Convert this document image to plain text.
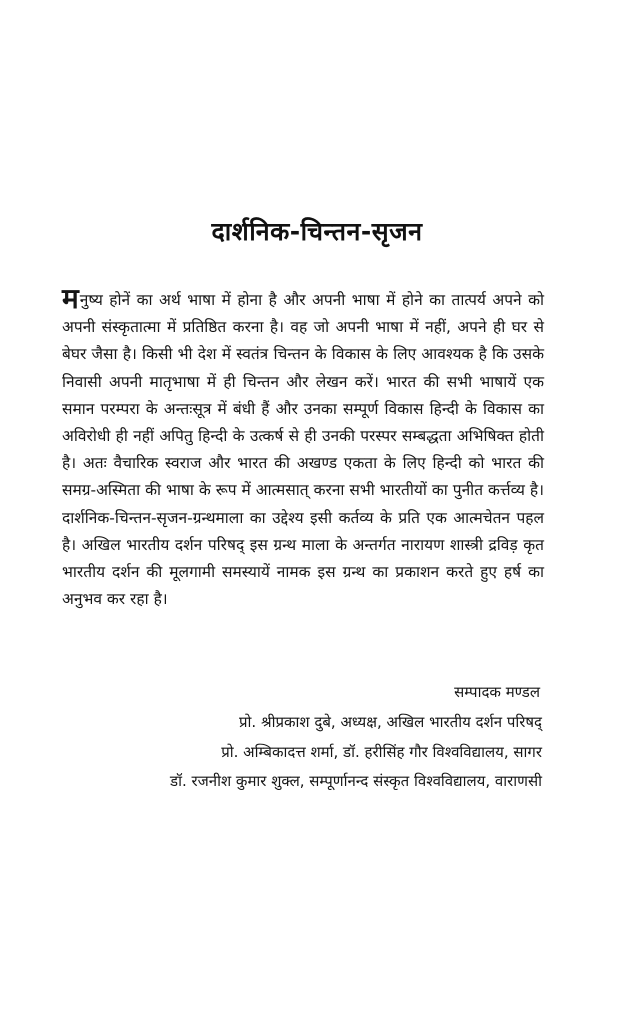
दार्शनिक-चिन्तन-सृजन

मनुष्य होनें का अर्थ भाषा में होना है और अपनी भाषा में होने का तात्पर्य अपने को अपनी संस्कृतात्मा में प्रतिष्ठित करना है। वह जो अपनी भाषा में नहीं, अपने ही घर से बेघर जैसा है। किसी भी देश में स्वतंत्र चिन्तन के विकास के लिए आवश्यक है कि उसके निवासी अपनी मातृभाषा में ही चिन्तन और लेखन करें। भारत की सभी भाषायें एक समान परम्परा के अन्तःसूत्र में बंधी हैं और उनका सम्पूर्ण विकास हिन्दी के विकास का अविरोधी ही नहीं अपितु हिन्दी के उत्कर्ष से ही उनकी परस्पर सम्बद्धता अभिषिक्त होती है। अतः वैचारिक स्वराज और भारत की अखण्ड एकता के लिए हिन्दी को भारत की समग्र-अस्मिता की भाषा के रूप में आत्मसात् करना सभी भारतीयों का पुनीत कर्त्तव्य है। दार्शनिक-चिन्तन-सृजन-ग्रन्थमाला का उद्देश्य इसी कर्तव्य के प्रति एक आत्मचेतन पहल है। अखिल भारतीय दर्शन परिषद् इस ग्रन्थ माला के अन्तर्गत नारायण शास्त्री द्रविड़ कृत भारतीय दर्शन की मूलगामी समस्यायें नामक इस ग्रन्थ का प्रकाशन करते हुए हर्ष का अनुभव कर रहा है।

सम्पादक मण्डल

प्रो. श्रीप्रकाश दुबे, अध्यक्ष, अखिल भारतीय दर्शन परिषद्

प्रो. अम्बिकादत्त शर्मा, डॉ. हरीसिंह गौर विश्वविद्यालय, सागर

डॉ. रजनीश कुमार शुक्ल, सम्पूर्णानन्द संस्कृत विश्वविद्यालय, वाराणसी
